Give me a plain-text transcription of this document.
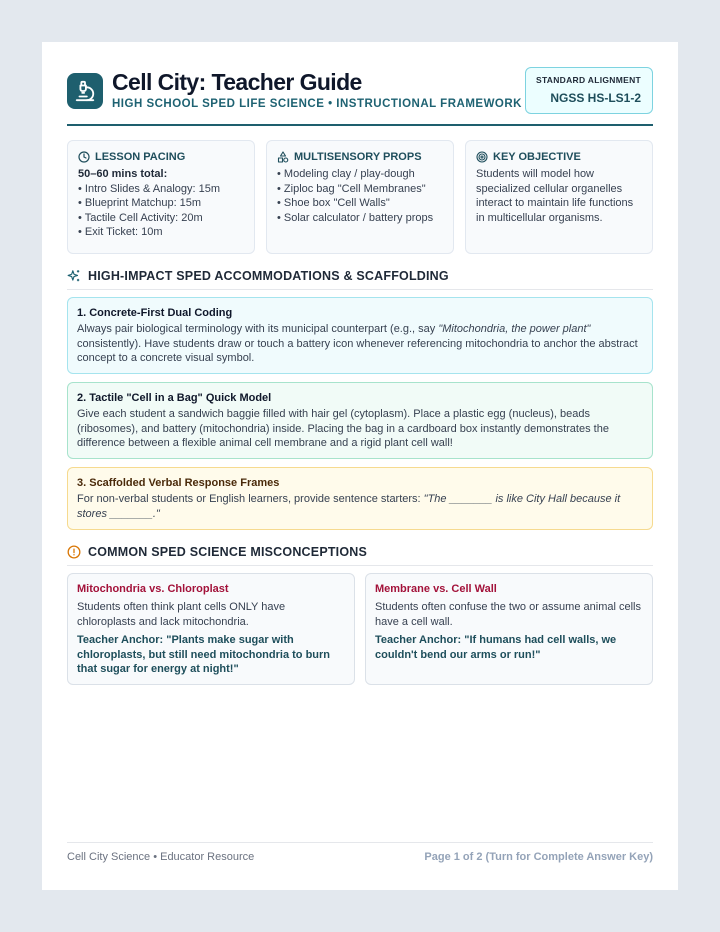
Cell City: Teacher Guide
HIGH SCHOOL SPED LIFE SCIENCE • INSTRUCTIONAL FRAMEWORK
STANDARD ALIGNMENT
NGSS HS-LS1-2
LESSON PACING

50–60 mins total:

• Intro Slides & Analogy: 15m
• Blueprint Matchup: 15m
• Tactile Cell Activity: 20m
• Exit Ticket: 10m
MULTISENSORY PROPS
• Modeling clay / play-dough
• Ziploc bag "Cell Membranes"
• Shoe box "Cell Walls"
• Solar calculator / battery props
KEY OBJECTIVE

Students will model how specialized cellular organelles interact to maintain life functions in multicellular organisms.

HIGH-IMPACT SPED ACCOMMODATIONS & SCAFFOLDING
1. Concrete-First Dual Coding

Always pair biological terminology with its municipal counterpart (e.g., say "Mitochondria, the power plant" consistently). Have students draw or touch a battery icon whenever referencing mitochondria to anchor the abstract concept to a concrete visual symbol.

2. Tactile "Cell in a Bag" Quick Model

Give each student a sandwich baggie filled with hair gel (cytoplasm). Place a plastic egg (nucleus), beads (ribosomes), and battery (mitochondria) inside. Placing the bag in a cardboard box instantly demonstrates the difference between a flexible animal cell membrane and a rigid plant cell wall!

3. Scaffolded Verbal Response Frames

For non-verbal students or English learners, provide sentence starters: "The _______ is like City Hall because it stores _______."

COMMON SPED SCIENCE MISCONCEPTIONS
Mitochondria vs. Chloroplast

Students often think plant cells ONLY have chloroplasts and lack mitochondria.

Teacher Anchor: "Plants make sugar with chloroplasts, but still need mitochondria to burn that sugar for energy at night!"

Membrane vs. Cell Wall

Students often confuse the two or assume animal cells have a cell wall.

Teacher Anchor: "If humans had cell walls, we couldn't bend our arms or run!"

Cell City Science • Educator Resource	Page 1 of 2 (Turn for Complete Answer Key)
